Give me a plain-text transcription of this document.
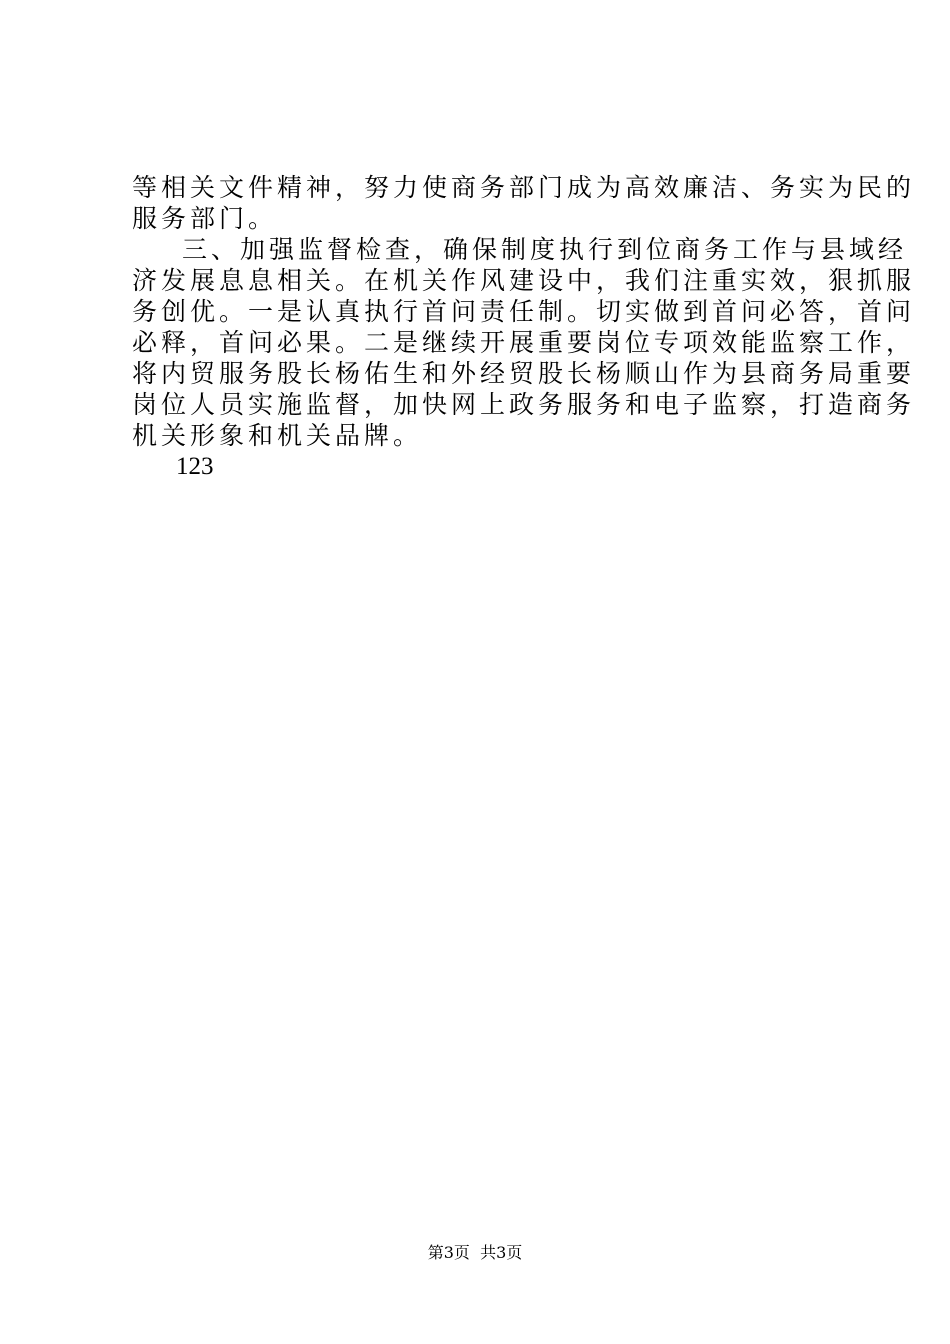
等相关文件精神，努力使商务部门成为高效廉洁、务实为民的
服务部门。
三、加强监督检查，确保制度执行到位商务工作与县域经
济发展息息相关。在机关作风建设中，我们注重实效，狠抓服
务创优。一是认真执行首问责任制。切实做到首问必答，首问
必释，首问必果。二是继续开展重要岗位专项效能监察工作，
将内贸服务股长杨佑生和外经贸股长杨顺山作为县商务局重要
岗位人员实施监督，加快网上政务服务和电子监察，打造商务
机关形象和机关品牌。
123
第3页  共3页
